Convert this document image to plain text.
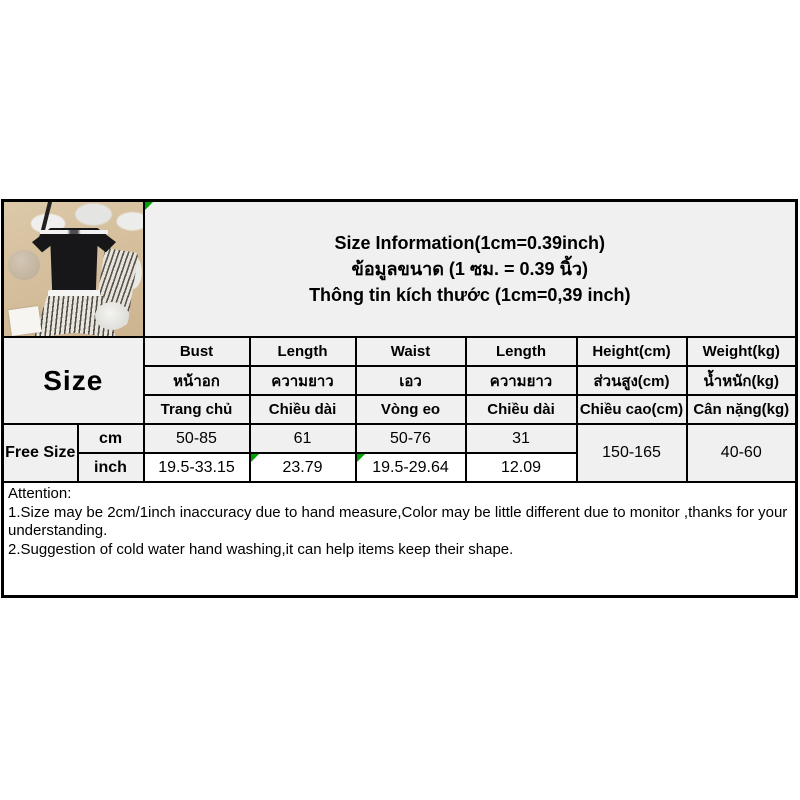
		Size Information(1cm=0.39inch)
ข้อมูลขนาด (1 ซม. = 0.39 นิ้ว)
Thông tin kích thước (1cm=0,39 inch)					

Size		Bust	Length	Waist	Length	Height(cm)	Weight(kg)
		หน้าอก	ความยาว	เอว	ความยาว	ส่วนสูง(cm)	น้ำหนัก(kg)
		Trang chủ	Chiều dài	Vòng eo	Chiều dài	Chiều cao(cm)	Cân nặng(kg)
Free Size	cm	50-85	61	50-76	31	150-165	40-60
	inch	19.5-33.15	23.79	19.5-29.64	12.09		

Attention:
1.Size may be 2cm/1inch inaccuracy due to hand measure,Color may be little different due to monitor ,thanks for your understanding.
2.Suggestion of cold water hand washing,it can help items keep their shape.							
